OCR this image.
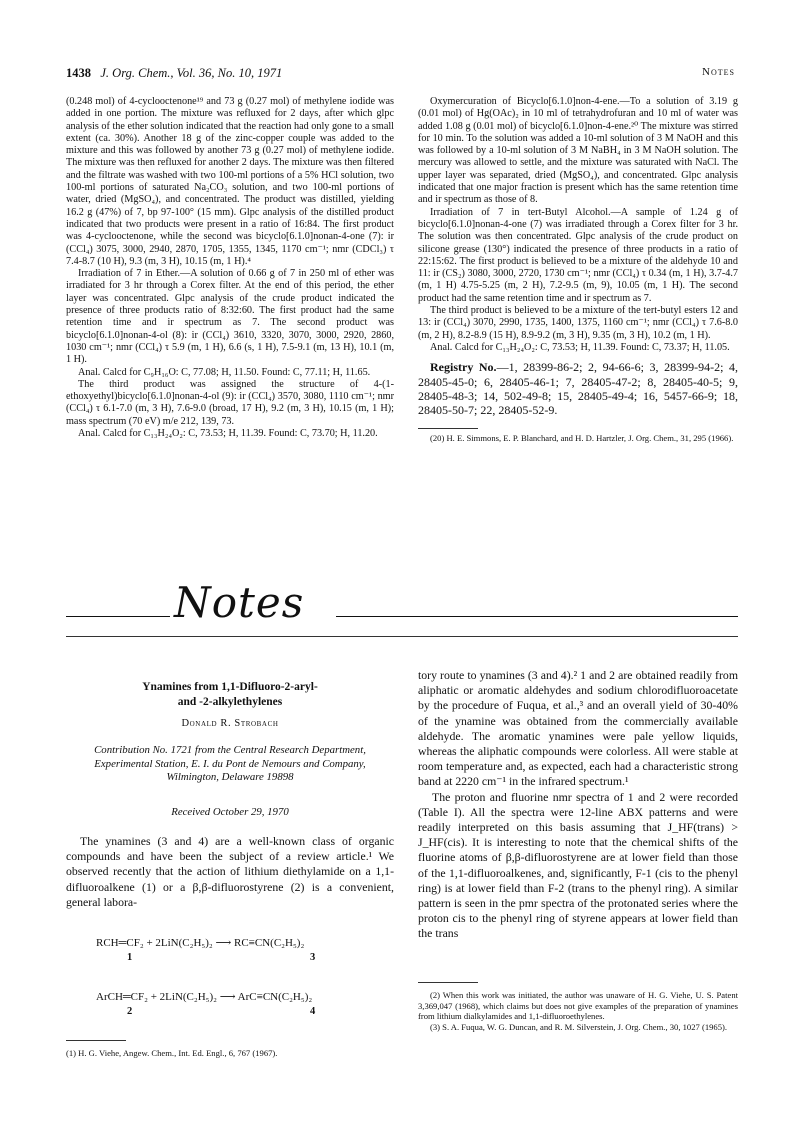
1438 J. Org. Chem., Vol. 36, No. 10, 1971	Notes

(0.248 mol) of 4-cyclooctenone¹⁹ and 73 g (0.27 mol) of methylene iodide was added in one portion. The mixture was refluxed for 2 days, after which glpc analysis of the ether solution indicated that the reaction had only gone to a small extent (ca. 30%). Another 18 g of the zinc-copper couple was added to the mixture and this was followed by another 73 g (0.27 mol) of methylene iodide. The mixture was then refluxed for another 2 days. The mixture was then filtered and the filtrate was washed with two 100-ml portions of a 5% HCl solution, two 100-ml portions of saturated Na₂CO₃ solution, and two 100-ml portions of water, dried (MgSO₄), and concentrated. The product was distilled, yielding 16.2 g (47%) of 7, bp 97-100° (15 mm). Glpc analysis of the distilled product indicated that two products were present in a ratio of 16:84. The first product was 4-cyclooctenone, while the second was bicyclo[6.1.0]nonan-4-one (7): ir (CCl₄) 3075, 3000, 2940, 2870, 1705, 1355, 1345, 1170 cm⁻¹; nmr (CDCl₃) τ 7.4-8.7 (10 H), 9.3 (m, 3 H), 10.15 (m, 1 H).⁴

Irradiation of 7 in Ether.—A solution of 0.66 g of 7 in 250 ml of ether was irradiated for 3 hr through a Corex filter. At the end of this period, the ether layer was concentrated. Glpc analysis of the crude product indicated the presence of three products ratio of 8:32:60. The first product had the same retention time and ir spectrum as 7. The second product was bicyclo[6.1.0]nonan-4-ol (8): ir (CCl₄) 3610, 3320, 3070, 3000, 2920, 2860, 1030 cm⁻¹; nmr (CCl₄) τ 5.9 (m, 1 H), 6.6 (s, 1 H), 7.5-9.1 (m, 13 H), 10.1 (m, 1 H).

Anal. Calcd for C₉H₁₆O: C, 77.08; H, 11.50. Found: C, 77.11; H, 11.65.

The third product was assigned the structure of 4-(1-ethoxyethyl)bicyclo[6.1.0]nonan-4-ol (9): ir (CCl₄) 3570, 3080, 1110 cm⁻¹; nmr (CCl₄) τ 6.1-7.0 (m, 3 H), 7.6-9.0 (broad, 17 H), 9.2 (m, 3 H), 10.15 (m, 1 H); mass spectrum (70 eV) m/e 212, 139, 73.

Anal. Calcd for C₁₃H₂₄O₂: C, 73.53; H, 11.39. Found: C, 73.70; H, 11.20.

Oxymercuration of Bicyclo[6.1.0]non-4-ene.—To a solution of 3.19 g (0.01 mol) of Hg(OAc)₂ in 10 ml of tetrahydrofuran and 10 ml of water was added 1.08 g (0.01 mol) of bicyclo[6.1.0]non-4-ene.²⁰ The mixture was stirred for 10 min. To the solution was added a 10-ml solution of 3 M NaOH and this was followed by a 10-ml solution of 3 M NaBH₄ in 3 M NaOH solution. The mercury was allowed to settle, and the mixture was saturated with NaCl. The upper layer was separated, dried (MgSO₄), and concentrated. Glpc analysis indicated that one major fraction is present which has the same retention time and ir spectrum as those of 8.

Irradiation of 7 in tert-Butyl Alcohol.—A sample of 1.24 g of bicyclo[6.1.0]nonan-4-one (7) was irradiated through a Corex filter for 3 hr. The solution was then concentrated. Glpc analysis of the crude product on silicone grease (130°) indicated the presence of three products in a ratio of 22:15:62. The first product is believed to be a mixture of the aldehyde 10 and 11: ir (CS₂) 3080, 3000, 2720, 1730 cm⁻¹; nmr (CCl₄) τ 0.34 (m, 1 H), 3.7-4.7 (m, 1 H) 4.75-5.25 (m, 2 H), 7.2-9.5 (m, 9), 10.05 (m, 1 H). The second product had the same retention time and ir spectrum as 7.

The third product is believed to be a mixture of the tert-butyl esters 12 and 13: ir (CCl₄) 3070, 2990, 1735, 1400, 1375, 1160 cm⁻¹; nmr (CCl₄) τ 7.6-8.0 (m, 2 H), 8.2-8.9 (15 H), 8.9-9.2 (m, 3 H), 9.35 (m, 3 H), 10.2 (m, 1 H).

Anal. Calcd for C₁₃H₂₄O₂: C, 73.53; H, 11.39. Found: C, 73.37; H, 11.05.

Registry No.—1, 28399-86-2; 2, 94-66-6; 3, 28399-94-2; 4, 28405-45-0; 6, 28405-46-1; 7, 28405-47-2; 8, 28405-40-5; 9, 28405-48-3; 14, 502-49-8; 15, 28405-49-4; 16, 5457-66-9; 18, 28405-50-7; 22, 28405-52-9.

(20) H. E. Simmons, E. P. Blanchard, and H. D. Hartzler, J. Org. Chem., 31, 295 (1966).

Notes
Ynamines from 1,1-Difluoro-2-aryl-
and -2-alkylethylenes
Donald R. Strobach
Contribution No. 1721 from the Central Research Department,
Experimental Station, E. I. du Pont de Nemours and Company,
Wilmington, Delaware 19898
Received October 29, 1970

The ynamines (3 and 4) are a well-known class of organic compounds and have been the subject of a review article.¹ We observed recently that the action of lithium diethylamide on a 1,1-difluoroalkene (1) or a β,β-difluorostyrene (2) is a convenient, general labora-

RCH═CF₂ + 2LiN(C₂H₅)₂ ⟶ RC≡CN(C₂H₅)₂
1	3
ArCH═CF₂ + 2LiN(C₂H₅)₂ ⟶ ArC≡CN(C₂H₅)₂
2	4
(1) H. G. Viehe, Angew. Chem., Int. Ed. Engl., 6, 767 (1967).

tory route to ynamines (3 and 4).² 1 and 2 are obtained readily from aliphatic or aromatic aldehydes and sodium chlorodifluoroacetate by the procedure of Fuqua, et al.,³ and an overall yield of 30-40% of the ynamine was obtained from the commercially available aldehyde. The aromatic ynamines were pale yellow liquids, whereas the aliphatic compounds were colorless. All were stable at room temperature and, as expected, each had a characteristic strong band at 2220 cm⁻¹ in the infrared spectrum.¹

The proton and fluorine nmr spectra of 1 and 2 were recorded (Table I). All the spectra were 12-line ABX patterns and were readily interpreted on this basis assuming that J_HF(trans) > J_HF(cis). It is interesting to note that the chemical shifts of the fluorine atoms of β,β-difluorostyrene are at lower field than those of the 1,1-difluoroalkenes, and, significantly, F-1 (cis to the phenyl ring) is at lower field than F-2 (trans to the phenyl ring). A similar pattern is seen in the pmr spectra of the protonated series where the proton cis to the phenyl ring of styrene appears at lower field than the trans

(2) When this work was initiated, the author was unaware of H. G. Viehe, U. S. Patent 3,369,047 (1968), which claims but does not give examples of the preparation of ynamines from lithium dialkylamides and 1,1-difluoroethylenes.

(3) S. A. Fuqua, W. G. Duncan, and R. M. Silverstein, J. Org. Chem., 30, 1027 (1965).
